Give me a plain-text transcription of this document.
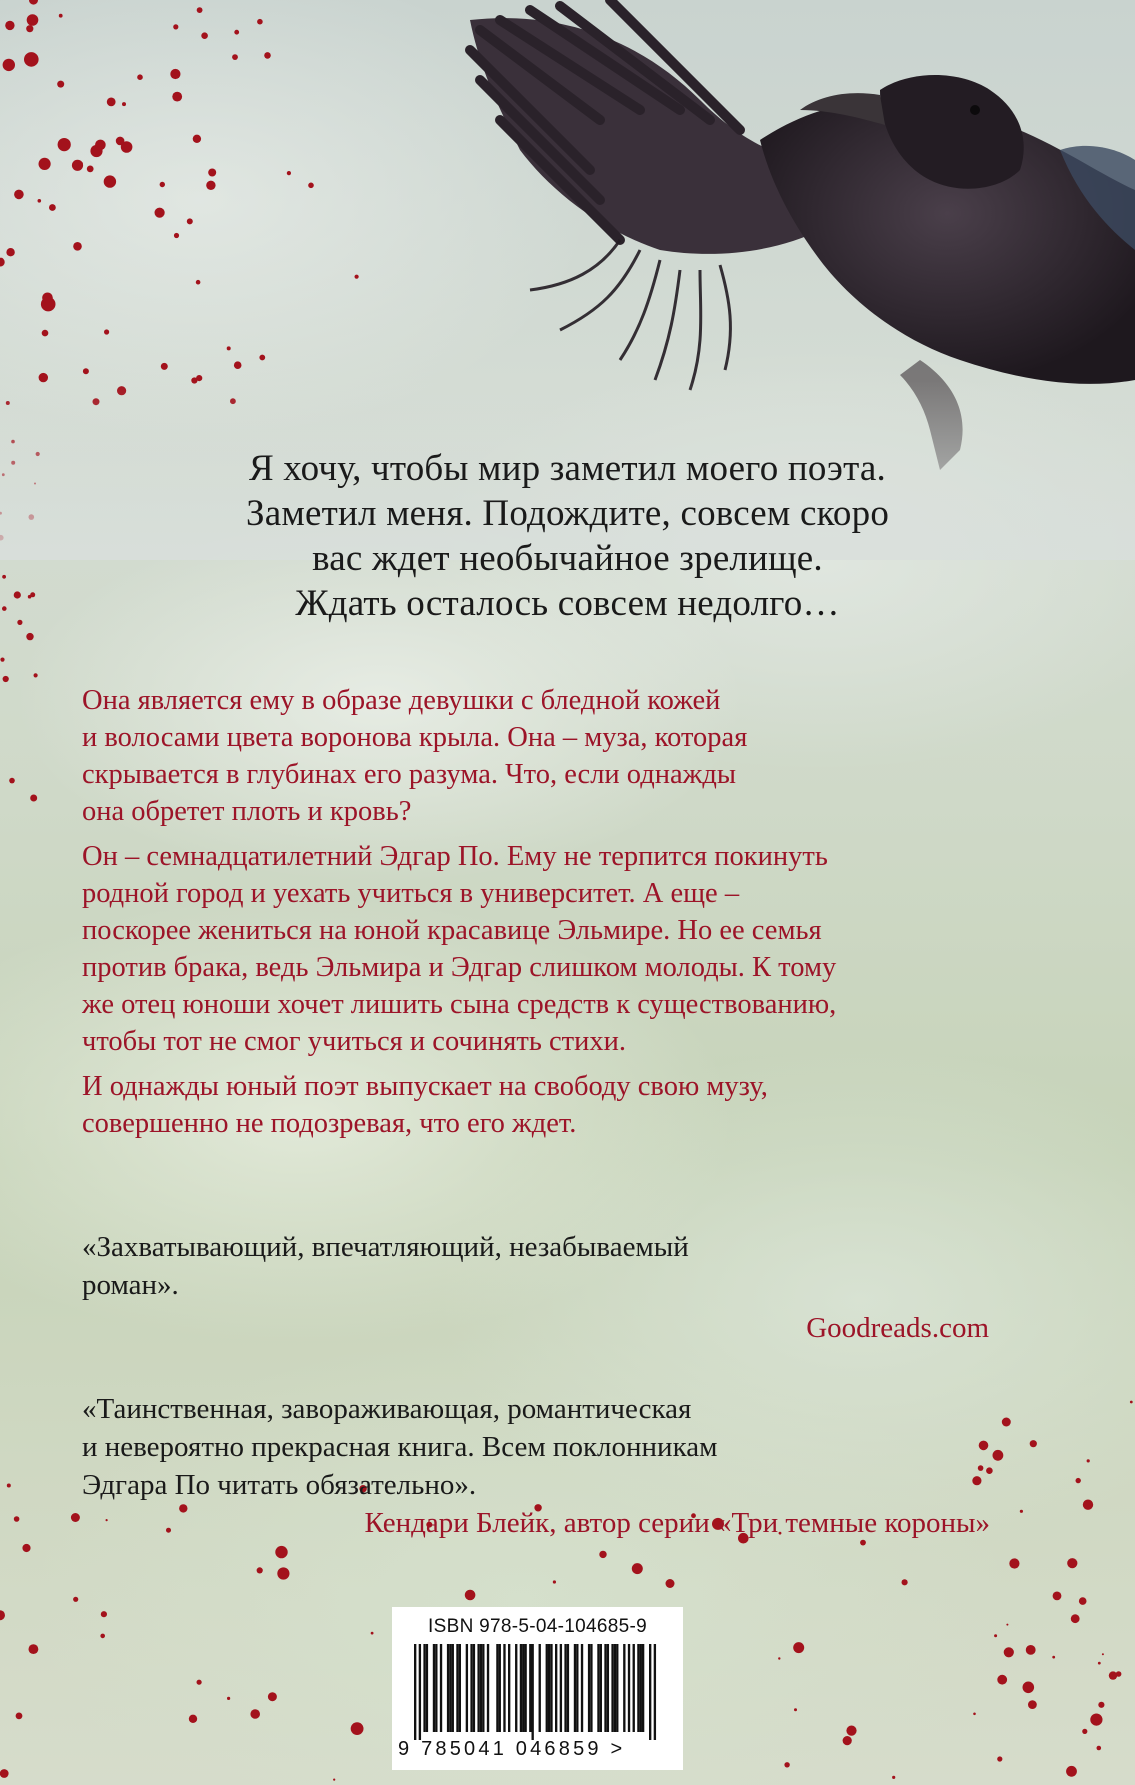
Я хочу, чтобы мир заметил моего поэта.
Заметил меня. Подождите, совсем скоро
вас ждет необычайное зрелище.
Ждать осталось совсем недолго…

Она является ему в образе девушки с бледной кожей
и волосами цвета воронова крыла. Она – муза, которая
скрывается в глубинах его разума. Что, если однажды
она обретет плоть и кровь?

Он – семнадцатилетний Эдгар По. Ему не терпится покинуть
родной город и уехать учиться в университет. А еще –
поскорее жениться на юной красавице Эльмире. Но ее семья
против брака, ведь Эльмира и Эдгар слишком молоды. К тому
же отец юноши хочет лишить сына средств к существованию,
чтобы тот не смог учиться и сочинять стихи.

И однажды юный поэт выпускает на свободу свою музу,
совершенно не подозревая, что его ждет.

«Захватывающий, впечатляющий, незабываемый
роман».
Goodreads.com
«Таинственная, завораживающая, романтическая
и невероятно прекрасная книга. Всем поклонникам
Эдгара По читать обязательно».
Кендари Блейк, автор серии «Три темные короны»
ISBN 978-5-04-104685-9
9 785041 046859 >
